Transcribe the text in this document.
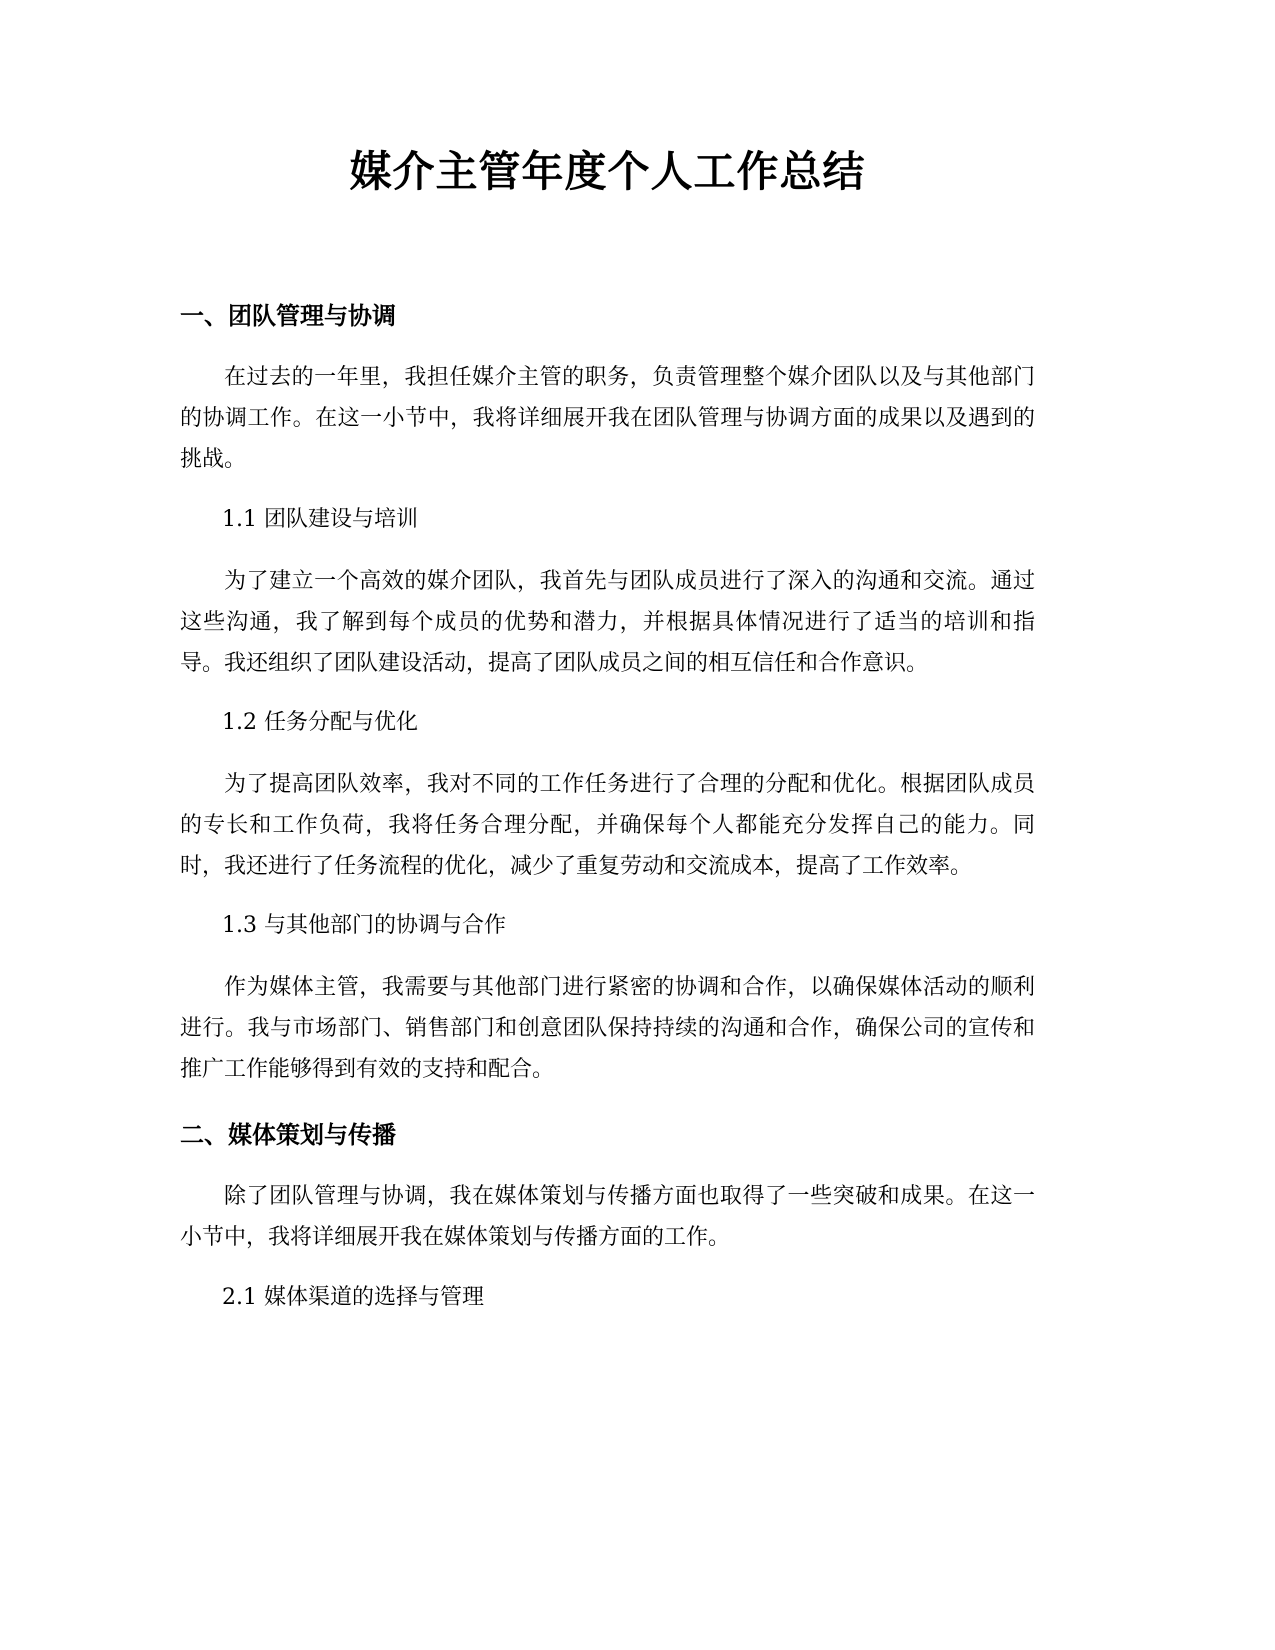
媒介主管年度个人工作总结
一、团队管理与协调

在过去的一年里，我担任媒介主管的职务，负责管理整个媒介团队以及与其他部门的协调工作。在这一小节中，我将详细展开我在团队管理与协调方面的成果以及遇到的挑战。

1.1 团队建设与培训

为了建立一个高效的媒介团队，我首先与团队成员进行了深入的沟通和交流。通过这些沟通，我了解到每个成员的优势和潜力，并根据具体情况进行了适当的培训和指导。我还组织了团队建设活动，提高了团队成员之间的相互信任和合作意识。

1.2 任务分配与优化

为了提高团队效率，我对不同的工作任务进行了合理的分配和优化。根据团队成员的专长和工作负荷，我将任务合理分配，并确保每个人都能充分发挥自己的能力。同时，我还进行了任务流程的优化，减少了重复劳动和交流成本，提高了工作效率。

1.3 与其他部门的协调与合作

作为媒体主管，我需要与其他部门进行紧密的协调和合作，以确保媒体活动的顺利进行。我与市场部门、销售部门和创意团队保持持续的沟通和合作，确保公司的宣传和推广工作能够得到有效的支持和配合。

二、媒体策划与传播

除了团队管理与协调，我在媒体策划与传播方面也取得了一些突破和成果。在这一小节中，我将详细展开我在媒体策划与传播方面的工作。

2.1 媒体渠道的选择与管理
